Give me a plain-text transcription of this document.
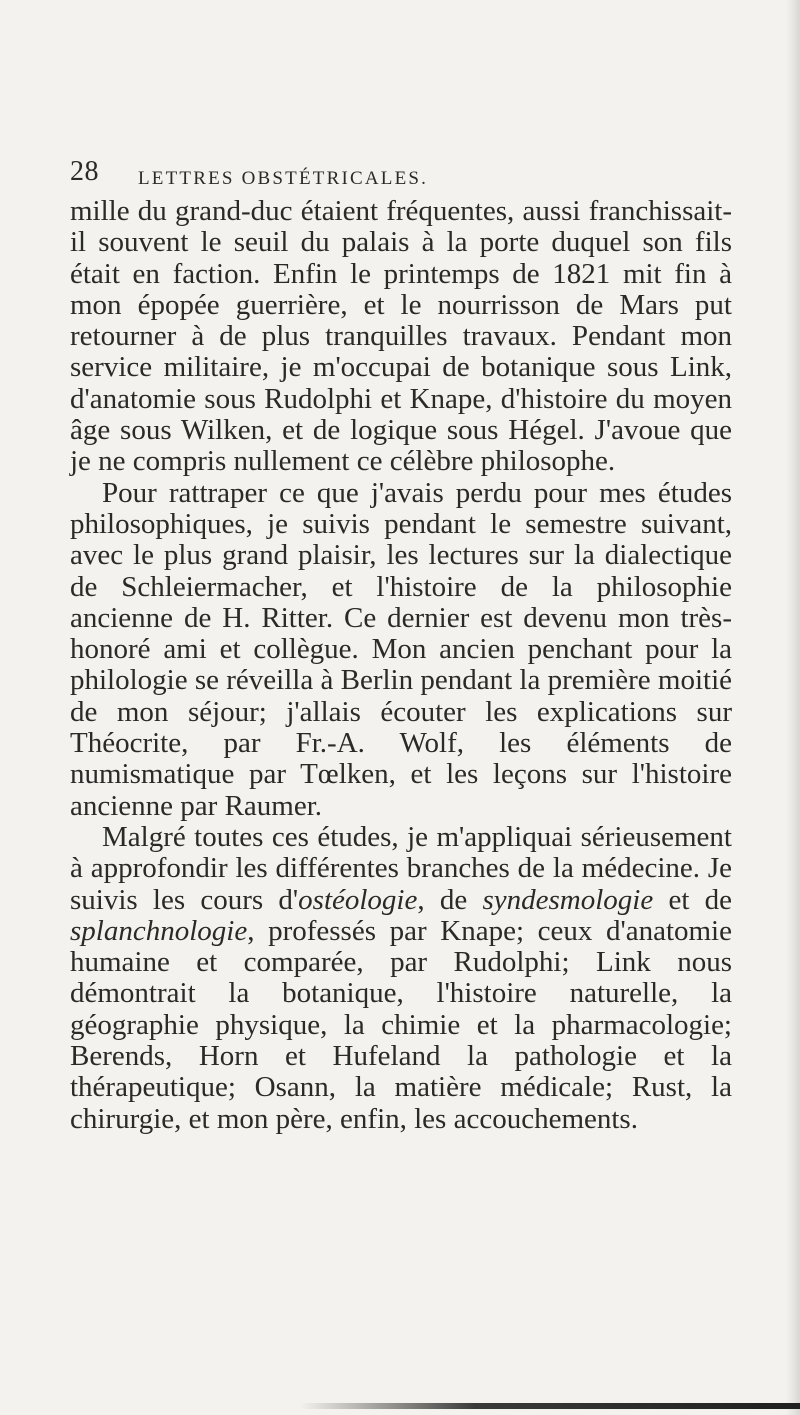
28 LETTRES OBSTÉTRICALES.

mille du grand-duc étaient fréquentes, aussi franchissait-il souvent le seuil du palais à la porte duquel son fils était en faction. Enfin le printemps de 1821 mit fin à mon épopée guerrière, et le nourrisson de Mars put retourner à de plus tranquilles travaux. Pendant mon service militaire, je m'occupai de botanique sous Link, d'anatomie sous Rudolphi et Knape, d'histoire du moyen âge sous Wilken, et de logique sous Hégel. J'avoue que je ne compris nullement ce célèbre philosophe.

Pour rattraper ce que j'avais perdu pour mes études philosophiques, je suivis pendant le semestre suivant, avec le plus grand plaisir, les lectures sur la dialectique de Schleiermacher, et l'histoire de la philosophie ancienne de H. Ritter. Ce dernier est devenu mon très-honoré ami et collègue. Mon ancien penchant pour la philologie se réveilla à Berlin pendant la première moitié de mon séjour; j'allais écouter les explications sur Théocrite, par Fr.-A. Wolf, les éléments de numismatique par Tœlken, et les leçons sur l'histoire ancienne par Raumer.

Malgré toutes ces études, je m'appliquai sérieusement à approfondir les différentes branches de la médecine. Je suivis les cours d'ostéologie, de syndesmologie et de splanchnologie, professés par Knape; ceux d'anatomie humaine et comparée, par Rudolphi; Link nous démontrait la botanique, l'histoire naturelle, la géographie physique, la chimie et la pharmacologie; Berends, Horn et Hufeland la pathologie et la thérapeutique; Osann, la matière médicale; Rust, la chirurgie, et mon père, enfin, les accouchements.
